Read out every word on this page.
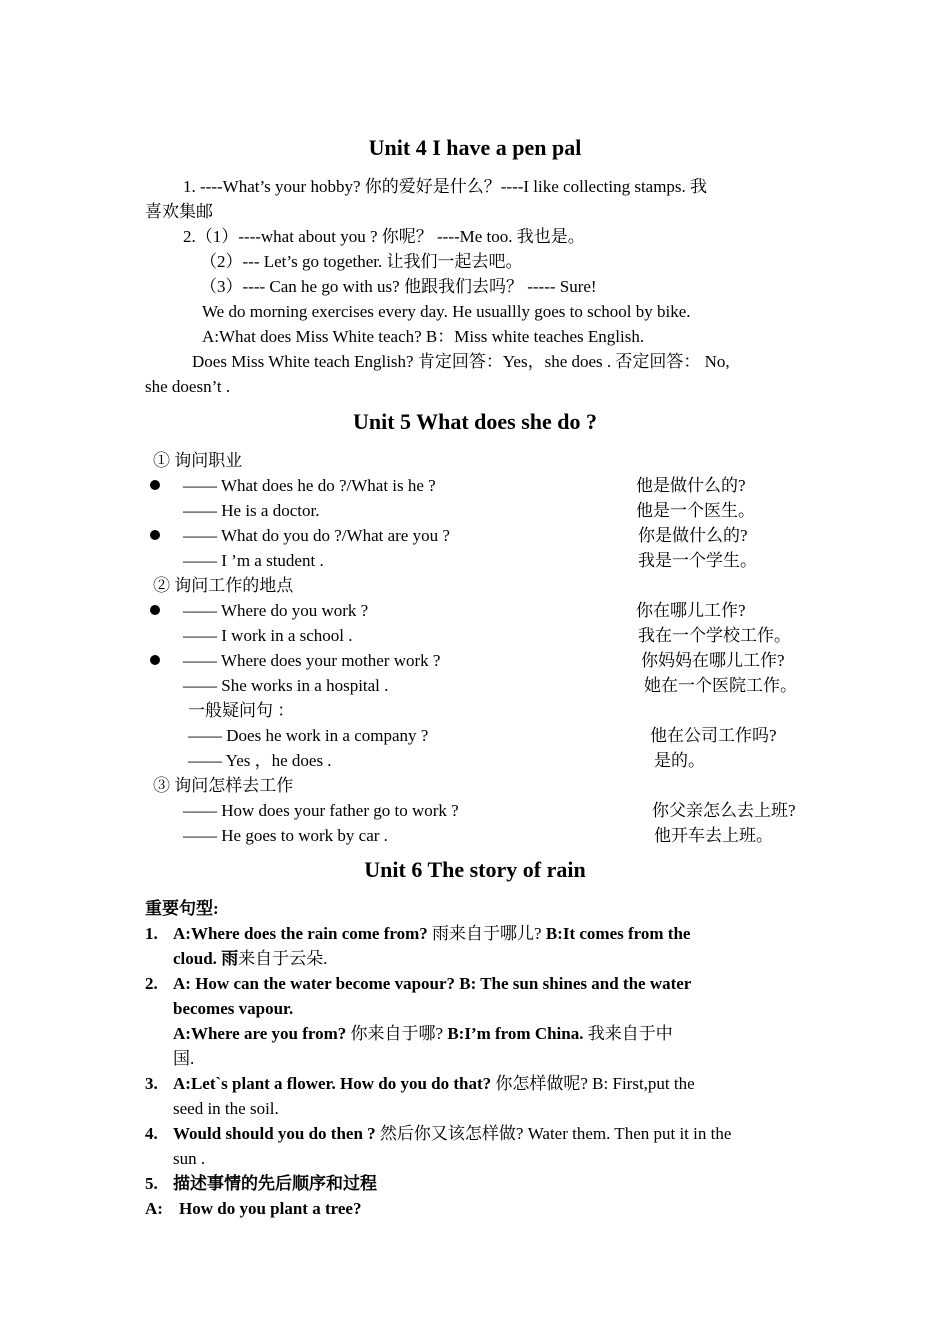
Unit 4 I have a pen pal
1. ----What’s your hobby? 你的爱好是什么？----I like collecting stamps. 我
喜欢集邮
2.（1）----what about you ? 你呢？ ----Me too. 我也是。
（2）--- Let’s go together. 让我们一起去吧。
（3）---- Can he go with us? 他跟我们去吗？ ----- Sure!
We do morning exercises every day. He usuallly goes to school by bike.
A:What does Miss White teach? B：Miss white teaches English.
Does Miss White teach English? 肯定回答：Yes，she does . 否定回答： No,
she doesn’t .
Unit 5 What does she do ?
① 询问职业
—— What does he do ?/What is he ?	他是做什么的?
—— He is a doctor.	他是一个医生。
—— What do you do ?/What are you ?	你是做什么的?
—— I ’m a student .	我是一个学生。
② 询问工作的地点
—— Where do you work ?	你在哪儿工作?
—— I work in a school .	我在一个学校工作。
—— Where does your mother work ?	你妈妈在哪儿工作?
—— She works in a hospital .	她在一个医院工作。
一般疑问句 ：
—— Does he work in a company ?	他在公司工作吗?
—— Yes ，he does .	是的。
③ 询问怎样去工作
—— How does your father go to work ?	你父亲怎么去上班?
—— He goes to work by car .	他开车去上班。
Unit 6 The story of rain
重要句型:
1. A:Where does the rain come from? 雨来自于哪儿? B:It comes from the
cloud. 雨来自于云朵.
2. A: How can the water become vapour? B: The sun shines and the water
becomes vapour.
A:Where are you from? 你来自于哪? B:I’m from China. 我来自于中
国.
3. A:Let`s plant a flower. How do you do that? 你怎样做呢? B: First,put the
seed in the soil.
4. Would should you do then ? 然后你又该怎样做? Water them. Then put it in the
sun .
5. 描述事情的先后顺序和过程
A: How do you plant a tree?
